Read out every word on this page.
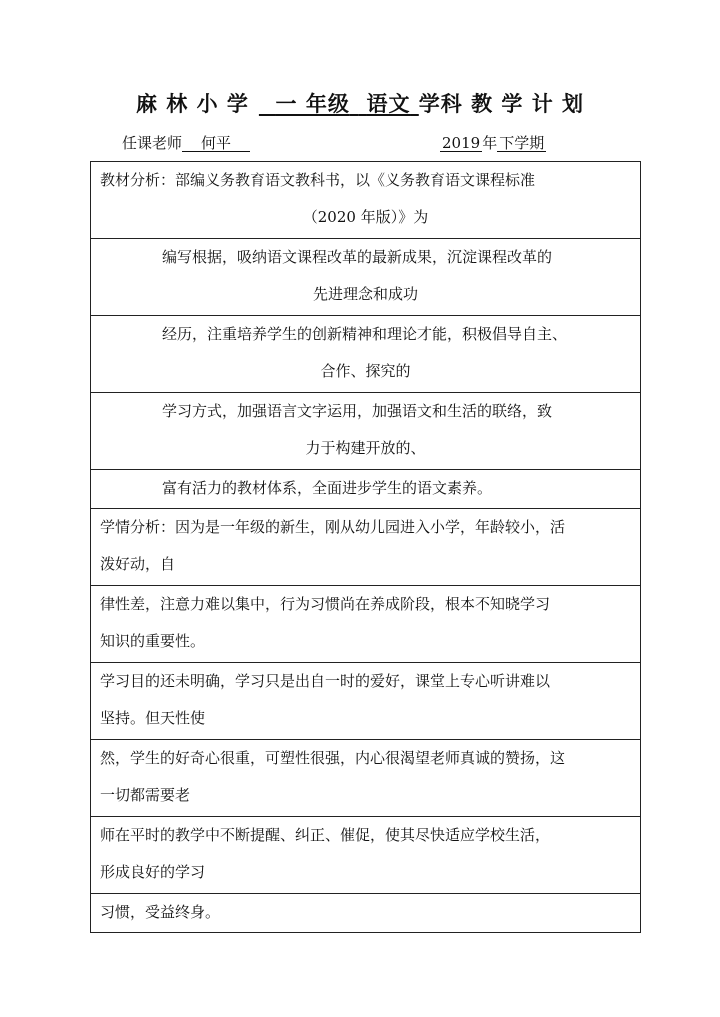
麻 林 小 学 一 年级 语文 学科 教 学 计 划
任课老师 何平	2019 年 下学期
教材分析：部编义务教育语文教科书，以《义务教育语文课程标准
（2020 年版）》为

编写根据，吸纳语文课程改革的最新成果，沉淀课程改革的
先进理念和成功

经历，注重培养学生的创新精神和理论才能，积极倡导自主、
合作、探究的

学习方式，加强语言文字运用，加强语文和生活的联络，致
力于构建开放的、

富有活力的教材体系，全面进步学生的语文素养。

学情分析：因为是一年级的新生，刚从幼儿园进入小学，年龄较小，活
泼好动，自

律性差，注意力难以集中，行为习惯尚在养成阶段，根本不知晓学习
知识的重要性。

学习目的还未明确，学习只是出自一时的爱好，课堂上专心听讲难以
坚持。但天性使

然，学生的好奇心很重，可塑性很强，内心很渴望老师真诚的赞扬，这
一切都需要老

师在平时的教学中不断提醒、纠正、催促，使其尽快适应学校生活，
形成良好的学习

习惯，受益终身。
